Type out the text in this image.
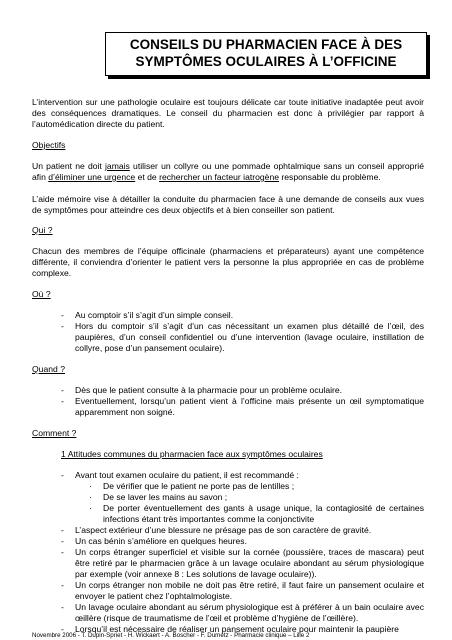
CONSEILS DU PHARMACIEN FACE À DES
SYMPTÔMES OCULAIRES À L’OFFICINE
L’intervention sur une pathologie oculaire est toujours délicate car toute initiative inadaptée peut avoir des conséquences dramatiques. Le conseil du pharmacien est donc à privilégier par rapport à l’automédication directe du patient.
Objectifs
Un patient ne doit jamais utiliser un collyre ou une pommade ophtalmique sans un conseil approprié afin d’éliminer une urgence et de rechercher un facteur iatrogène responsable du problème.
L’aide mémoire vise à détailler la conduite du pharmacien face à une demande de conseils aux vues de symptômes pour atteindre ces deux objectifs et à bien conseiller son patient.
Qui ?
Chacun des membres de l’équipe officinale (pharmaciens et préparateurs) ayant une compétence différente, il conviendra d’orienter le patient vers la personne la plus appropriée en cas de problème complexe.
Où ?
- Au comptoir s’il s’agit d’un simple conseil.
- Hors du comptoir s’il s’agit d’un cas nécessitant un examen plus détaillé de l’œil, des paupières, d’un conseil confidentiel ou d’une intervention (lavage oculaire, instillation de collyre, pose d’un pansement oculaire).
Quand ?
- Dès que le patient consulte à la pharmacie pour un problème oculaire.
- Eventuellement, lorsqu’un patient vient à l’officine mais présente un œil symptomatique apparemment non soigné.
Comment ?
1 Attitudes communes du pharmacien face aux symptômes oculaires
- Avant tout examen oculaire du patient, il est recommandé :
· De vérifier que le patient ne porte pas de lentilles ;
· De se laver les mains au savon ;
· De porter éventuellement des gants à usage unique, la contagiosité de certaines infections étant très importantes comme la conjonctivite
- L’aspect extérieur d’une blessure ne présage pas de son caractère de gravité.
- Un cas bénin s’améliore en quelques heures.
- Un corps étranger superficiel et visible sur la cornée (poussière, traces de mascara) peut être retiré par le pharmacien grâce à un lavage oculaire abondant au sérum physiologique par exemple (voir annexe 8 : Les solutions de lavage oculaire)).
- Un corps étranger non mobile ne doit pas être retiré, il faut faire un pansement oculaire et envoyer le patient chez l’ophtalmologiste.
- Un lavage oculaire abondant au sérum physiologique est à préférer à un bain oculaire avec œillère (risque de traumatisme de l’œil et problème d’hygiène de l’œillère).
- Lorsqu’il est nécessaire de réaliser un pansement oculaire pour maintenir la paupière
Novembre 2006 - T. Dupin-Spriet - H. Wickaert - A. Boscher - F. Dumetz - Pharmacie clinique – Lille 2
